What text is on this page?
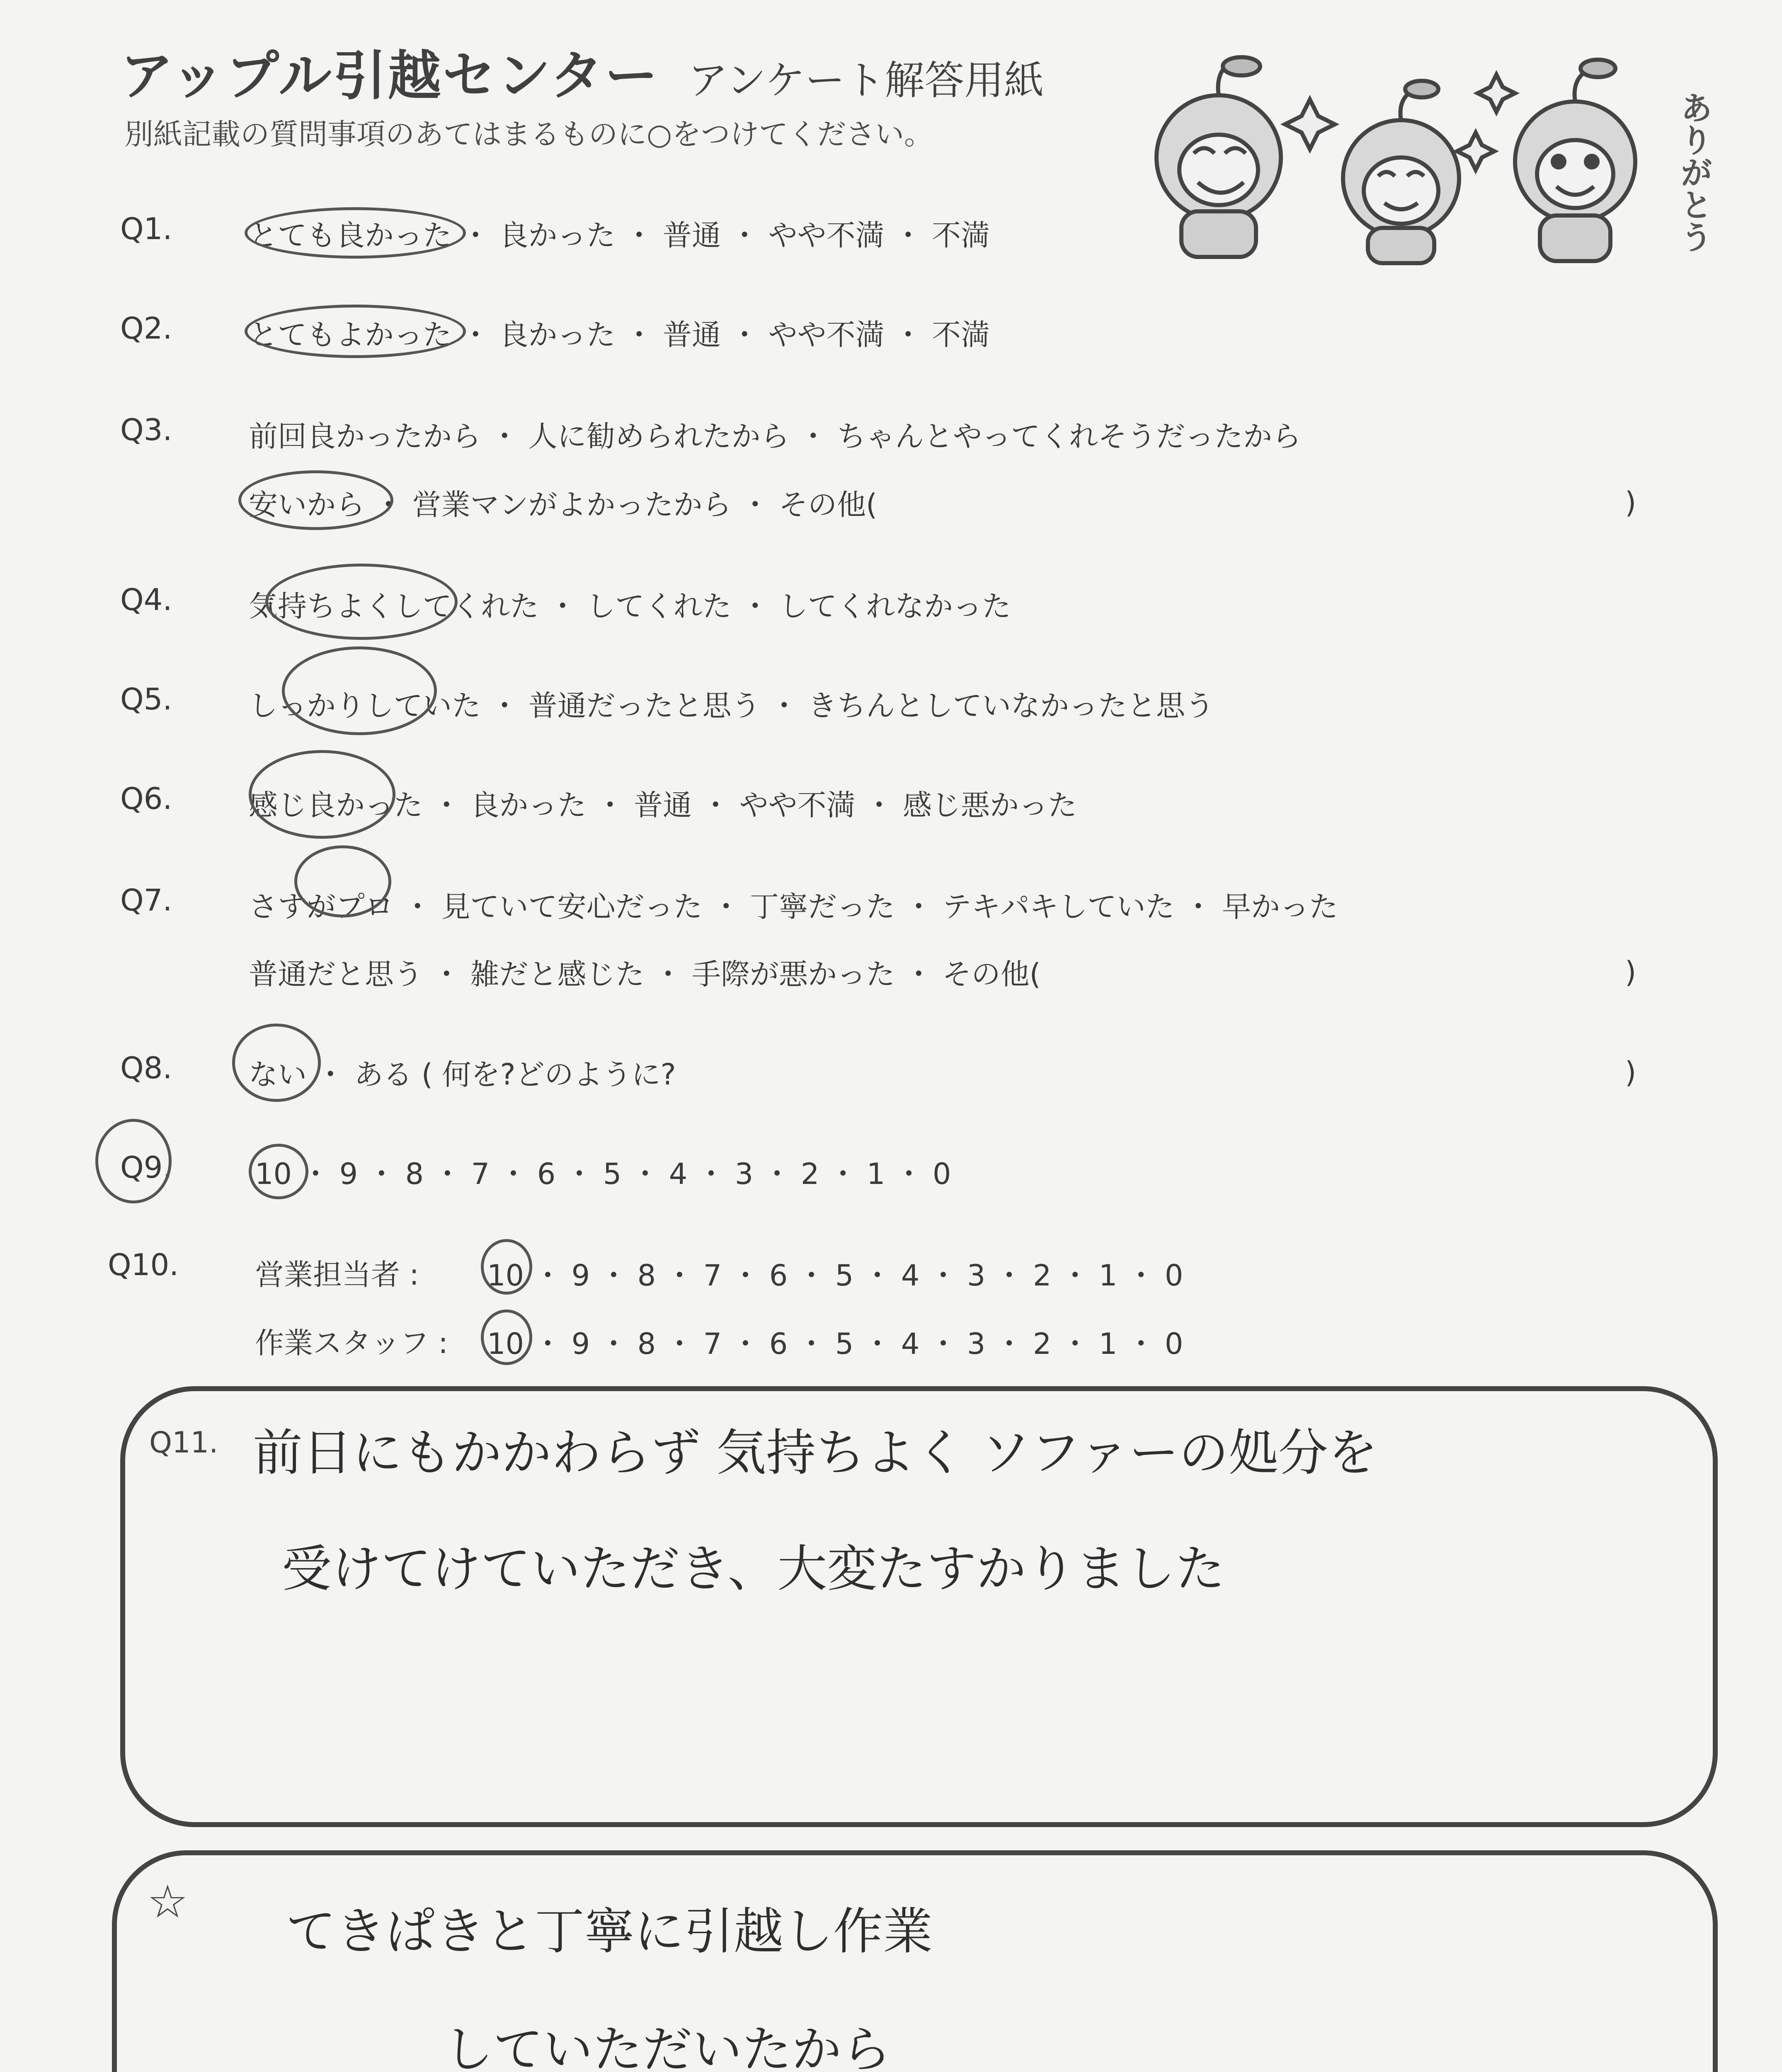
アップル引越センター アンケート解答用紙
別紙記載の質問事項のあてはまるものに○をつけてください。	ありがとう
Q1.	とても良かった ・ 良かった ・ 普通 ・ やや不満 ・ 不満
Q2.	とてもよかった ・ 良かった ・ 普通 ・ やや不満 ・ 不満
Q3.	前回良かったから ・ 人に勧められたから ・ ちゃんとやってくれそうだったから
安いから ・ 営業マンがよかったから ・ その他(	)
Q4.	気持ちよくしてくれた ・ してくれた ・ してくれなかった
Q5.	しっかりしていた ・ 普通だったと思う ・ きちんとしていなかったと思う
Q6.	感じ良かった ・ 良かった ・ 普通 ・ やや不満 ・ 感じ悪かった
Q7.	さすがプロ ・ 見ていて安心だった ・ 丁寧だった ・ テキパキしていた ・ 早かった
普通だと思う ・ 雑だと感じた ・ 手際が悪かった ・ その他(	)
Q8.	ない ・ ある ( 何を?どのように?	)
Q9.	10 ・ 9 ・ 8 ・ 7 ・ 6 ・ 5 ・ 4 ・ 3 ・ 2 ・ 1 ・ 0
Q10.	営業担当者 : 10 ・ 9 ・ 8 ・ 7 ・ 6 ・ 5 ・ 4 ・ 3 ・ 2 ・ 1 ・ 0
作業スタッフ : 10 ・ 9 ・ 8 ・ 7 ・ 6 ・ 5 ・ 4 ・ 3 ・ 2 ・ 1 ・ 0
Q11. 前日にもかかわらず 気持ちよく ソファーの処分を
受けてけていただき、大変たすかりました
☆
てきぱきと丁寧に引越し作業
していただいたから
